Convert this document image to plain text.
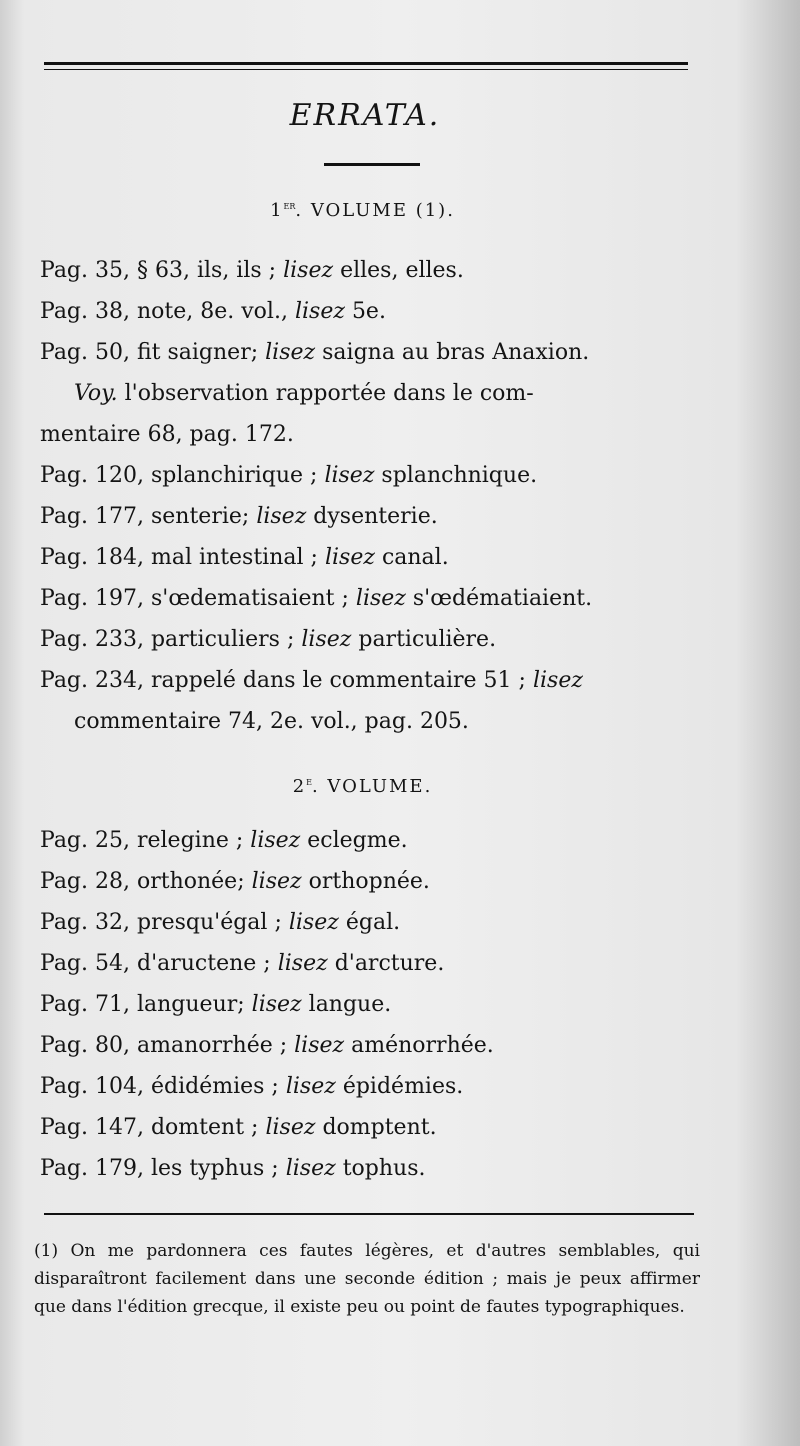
ERRATA.
1er. VOLUME (1).
Pag. 35, § 63, ils, ils ; lisez elles, elles.
Pag. 38, note, 8e. vol., lisez 5e.
Pag. 50, fit saigner; lisez saigna au bras Anaxion.
Voy. l'observation rapportée dans le com-
mentaire 68, pag. 172.
Pag. 120, splanchirique ; lisez splanchnique.
Pag. 177, senterie; lisez dysenterie.
Pag. 184, mal intestinal ; lisez canal.
Pag. 197, s'œdematisaient ; lisez s'œdématiaient.
Pag. 233, particuliers ; lisez particulière.
Pag. 234, rappelé dans le commentaire 51 ; lisez
commentaire 74, 2e. vol., pag. 205.
2e. VOLUME.
Pag. 25, relegine ; lisez eclegme.
Pag. 28, orthonée; lisez orthopnée.
Pag. 32, presqu'égal ; lisez égal.
Pag. 54, d'aructene ; lisez d'arcture.
Pag. 71, langueur; lisez langue.
Pag. 80, amanorrhée ; lisez aménorrhée.
Pag. 104, édidémies ; lisez épidémies.
Pag. 147, domtent ; lisez domptent.
Pag. 179, les typhus ; lisez tophus.
(1) On me pardonnera ces fautes légères, et d'autres semblables, qui disparaîtront facilement dans une seconde édition ; mais je peux affirmer que dans l'édition grecque, il existe peu ou point de fautes typographiques.
